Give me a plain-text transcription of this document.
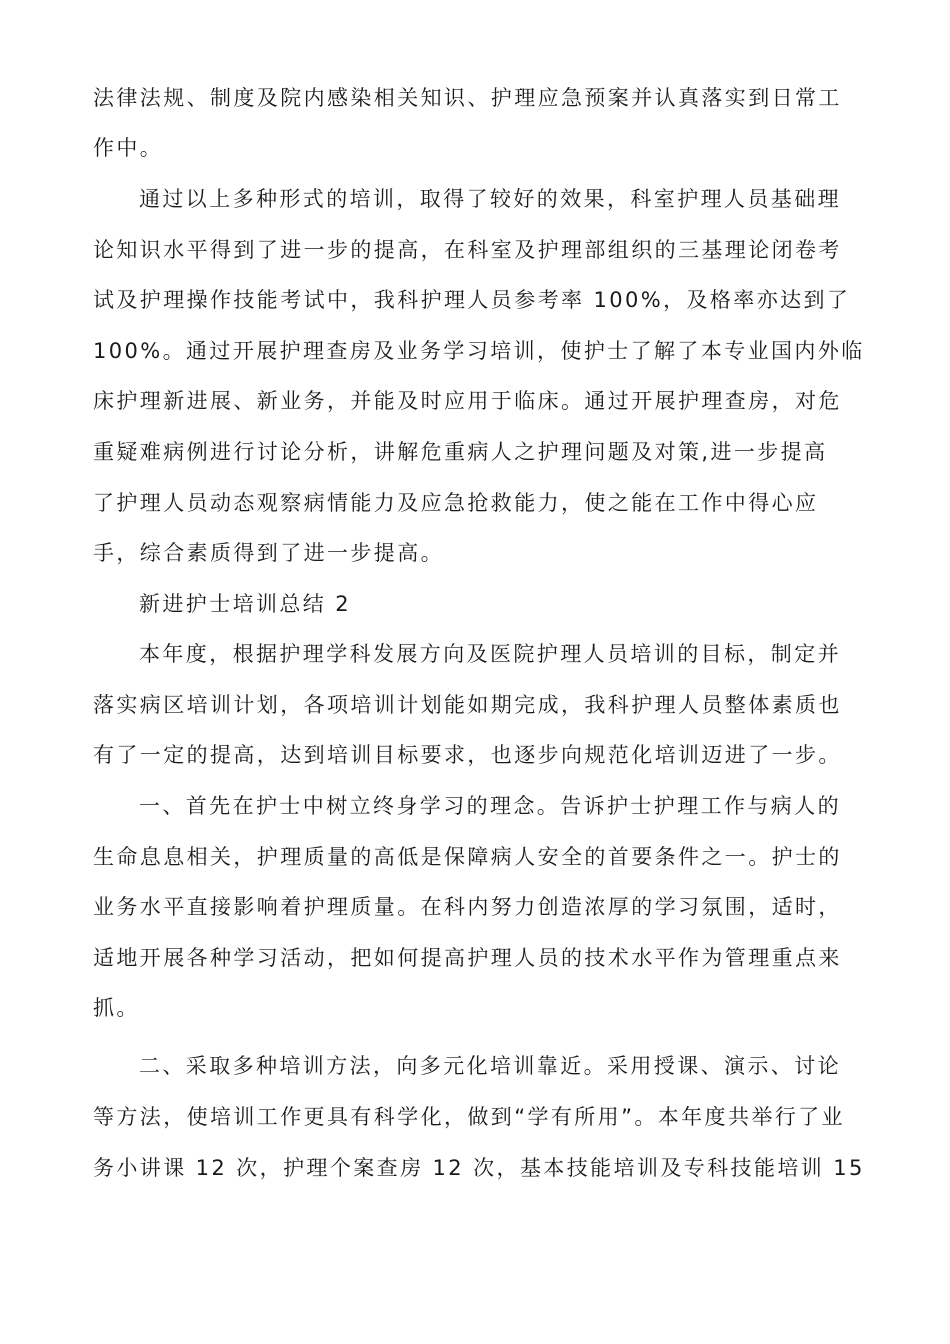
法律法规、制度及院内感染相关知识、护理应急预案并认真落实到日常工
作中。
通过以上多种形式的培训，取得了较好的效果，科室护理人员基础理
论知识水平得到了进一步的提高，在科室及护理部组织的三基理论闭卷考
试及护理操作技能考试中，我科护理人员参考率 100%，及格率亦达到了
100%。通过开展护理查房及业务学习培训，使护士了解了本专业国内外临
床护理新进展、新业务，并能及时应用于临床。通过开展护理查房，对危
重疑难病例进行讨论分析，讲解危重病人之护理问题及对策,进一步提高
了护理人员动态观察病情能力及应急抢救能力，使之能在工作中得心应
手，综合素质得到了进一步提高。
新进护士培训总结 2
本年度，根据护理学科发展方向及医院护理人员培训的目标，制定并
落实病区培训计划，各项培训计划能如期完成，我科护理人员整体素质也
有了一定的提高，达到培训目标要求，也逐步向规范化培训迈进了一步。
一、首先在护士中树立终身学习的理念。告诉护士护理工作与病人的
生命息息相关，护理质量的高低是保障病人安全的首要条件之一。护士的
业务水平直接影响着护理质量。在科内努力创造浓厚的学习氛围，适时，
适地开展各种学习活动，把如何提高护理人员的技术水平作为管理重点来
抓。
二、采取多种培训方法，向多元化培训靠近。采用授课、演示、讨论
等方法，使培训工作更具有科学化，做到“学有所用”。本年度共举行了业
务小讲课 12 次，护理个案查房 12 次，基本技能培训及专科技能培训 15
